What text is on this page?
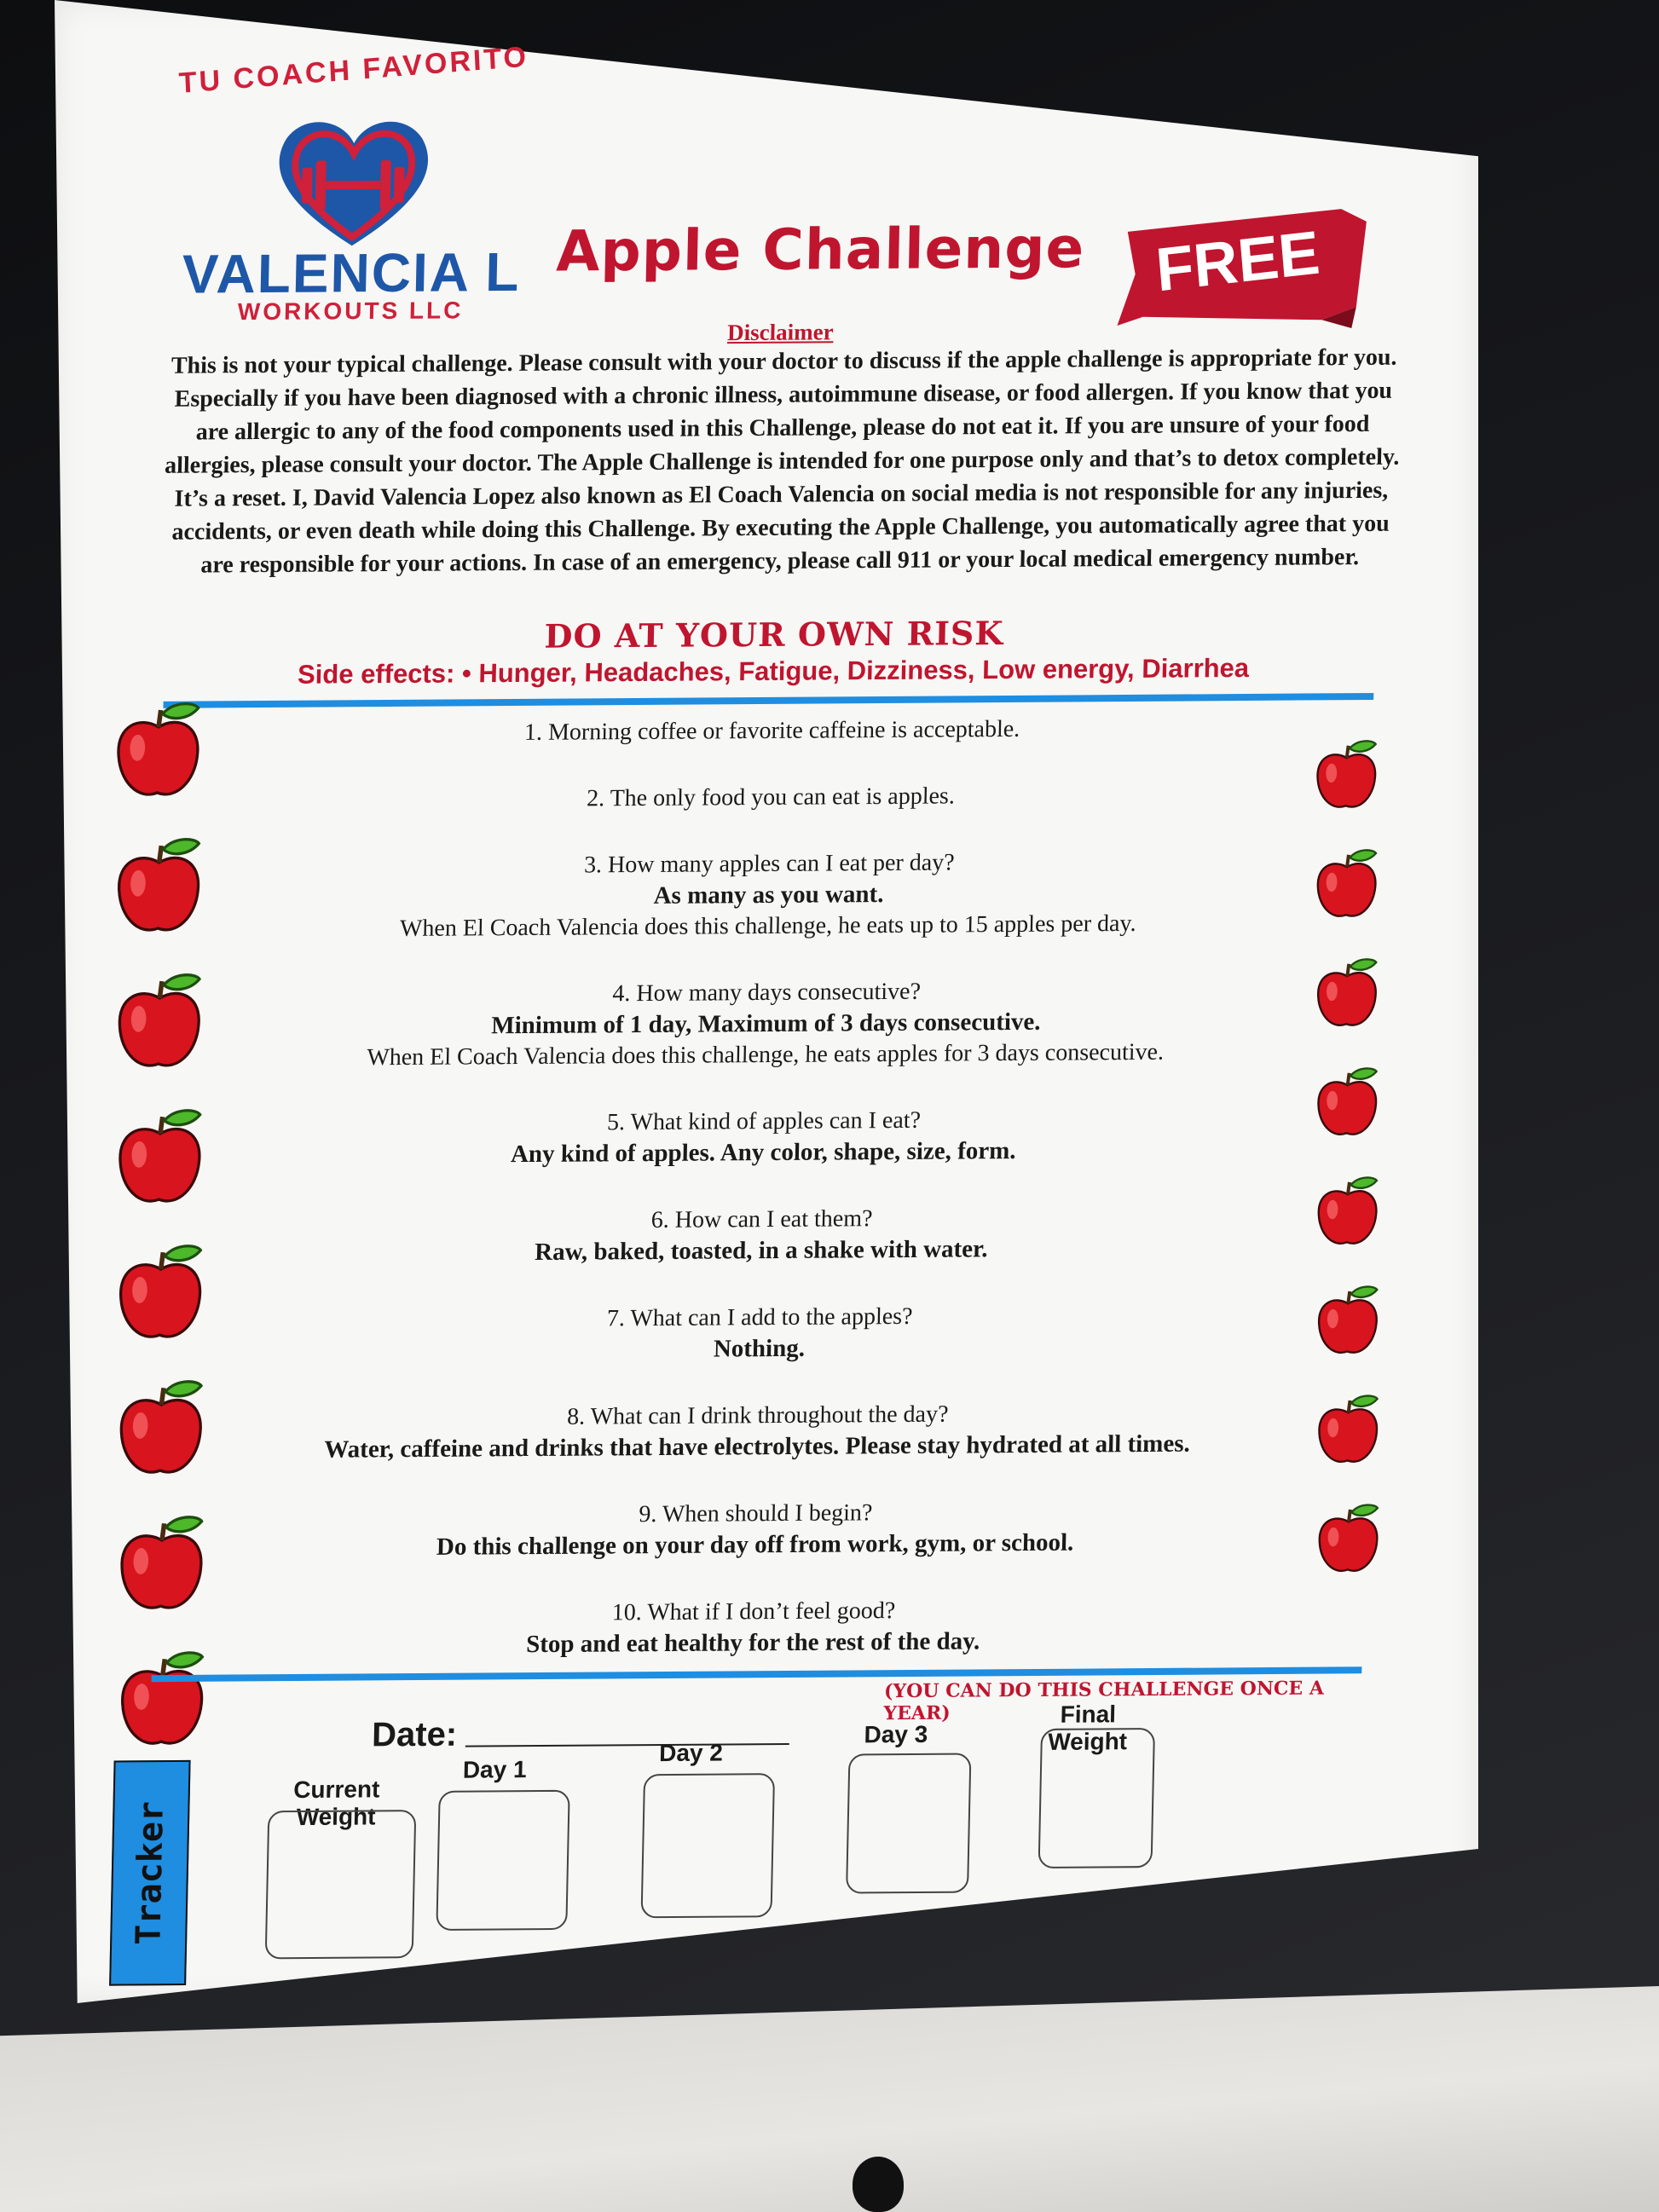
TU COACH FAVORITO
VALENCIA L
WORKOUTS LLC
Apple Challenge FREE
Disclaimer
This is not your typical challenge. Please consult with your doctor to discuss if the apple challenge is appropriate for you. Especially if you have been diagnosed with a chronic illness, autoimmune disease, or food allergen. If you know that you are allergic to any of the food components used in this Challenge, please do not eat it. If you are unsure of your food allergies, please consult your doctor. The Apple Challenge is intended for one purpose only and that’s to detox completely. It’s a reset. I, David Valencia Lopez also known as El Coach Valencia on social media is not responsible for any injuries, accidents, or even death while doing this Challenge. By executing the Apple Challenge, you automatically agree that you are responsible for your actions. In case of an emergency, please call 911 or your local medical emergency number.
DO AT YOUR OWN RISK
Side effects: • Hunger, Headaches, Fatigue, Dizziness, Low energy, Diarrhea
1. Morning coffee or favorite caffeine is acceptable.
2. The only food you can eat is apples.
3. How many apples can I eat per day?
As many as you want.
When El Coach Valencia does this challenge, he eats up to 15 apples per day.
4. How many days consecutive?
Minimum of 1 day, Maximum of 3 days consecutive.
When El Coach Valencia does this challenge, he eats apples for 3 days consecutive.
5. What kind of apples can I eat?
Any kind of apples. Any color, shape, size, form.
6. How can I eat them?
Raw, baked, toasted, in a shake with water.
7. What can I add to the apples?
Nothing.
8. What can I drink throughout the day?
Water, caffeine and drinks that have electrolytes. Please stay hydrated at all times.
9. When should I begin?
Do this challenge on your day off from work, gym, or school.
10. What if I don’t feel good?
Stop and eat healthy for the rest of the day.
(YOU CAN DO THIS CHALLENGE ONCE A YEAR)
Date:
Tracker
Current Weight
Day 1
Day 2
Day 3
Final Weight
